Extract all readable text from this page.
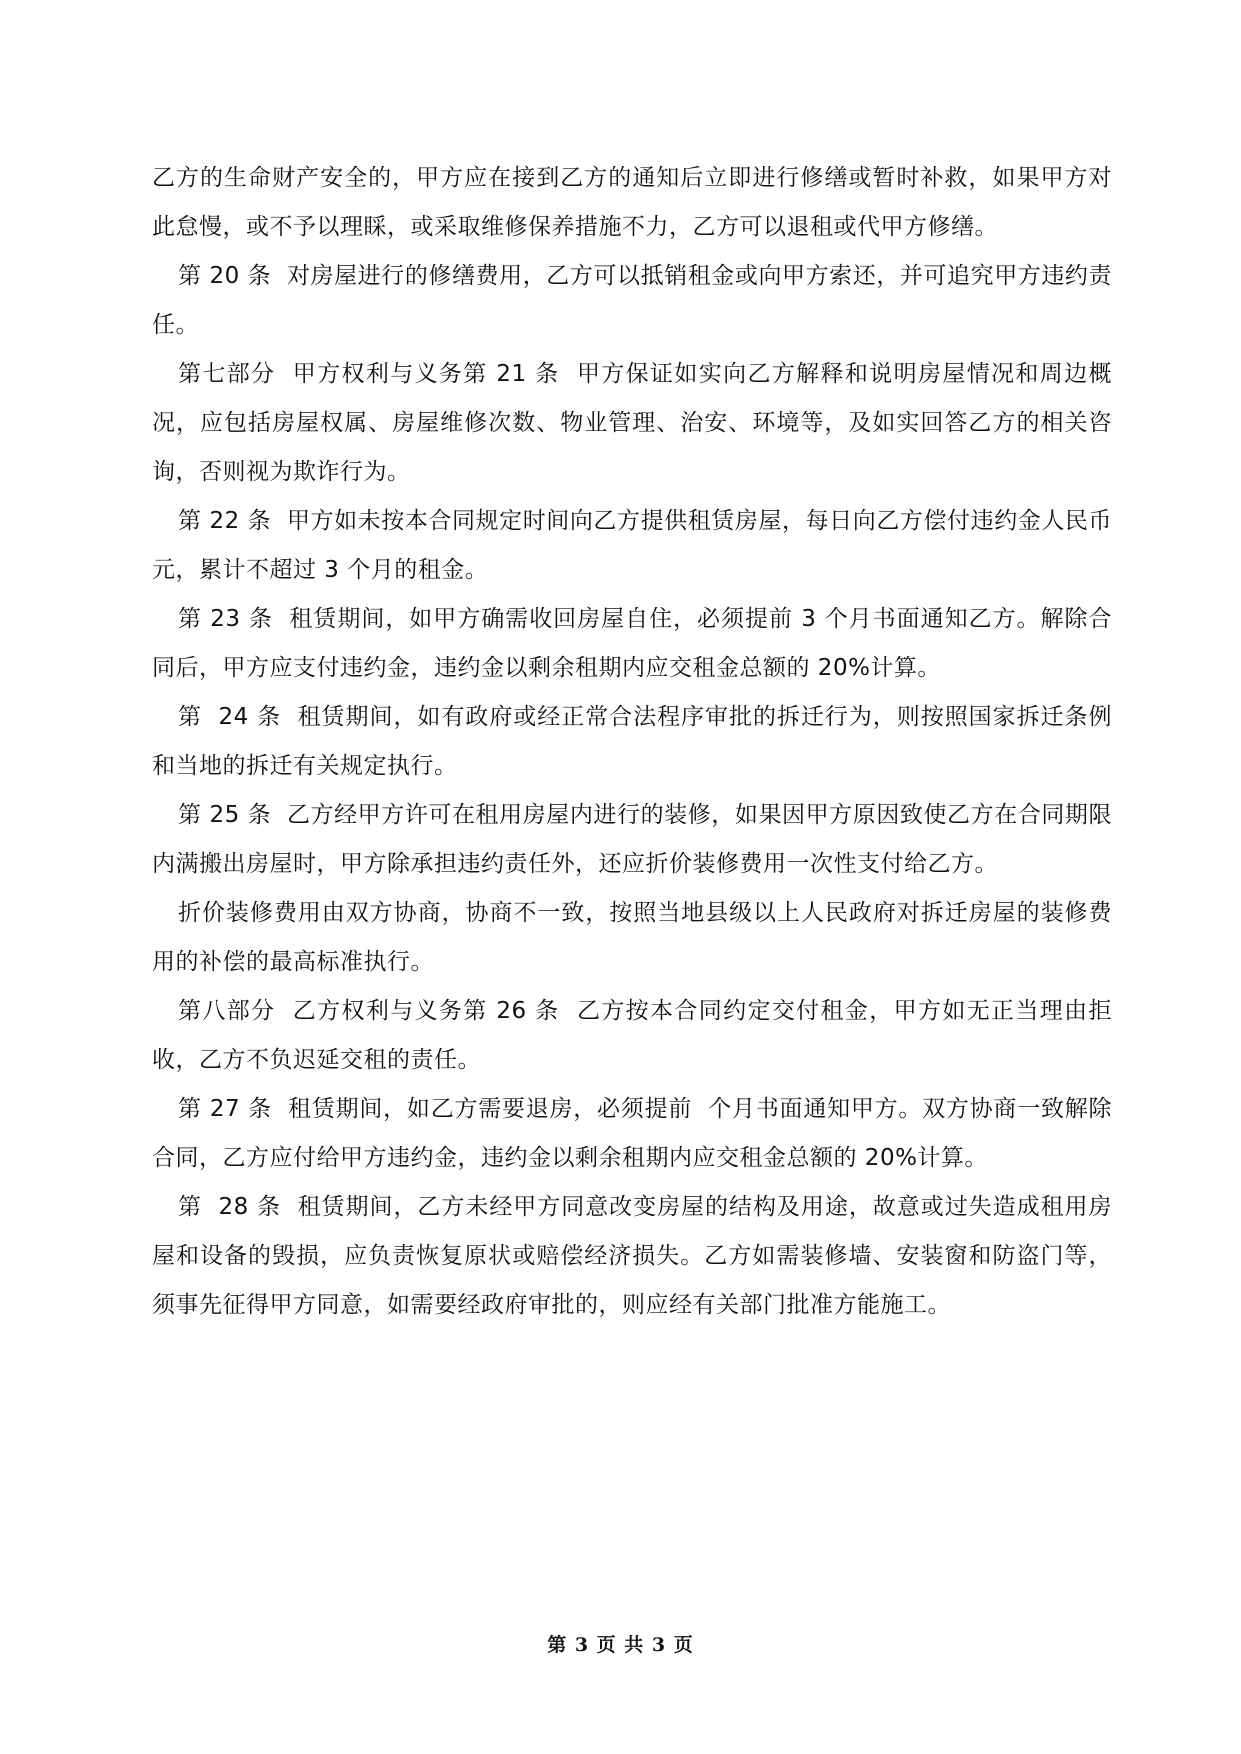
乙方的生命财产安全的，甲方应在接到乙方的通知后立即进行修缮或暂时补救，如果甲方对此怠慢，或不予以理睬，或采取维修保养措施不力，乙方可以退租或代甲方修缮。

第 20 条  对房屋进行的修缮费用，乙方可以抵销租金或向甲方索还，并可追究甲方违约责任。

第七部分  甲方权利与义务第 21 条  甲方保证如实向乙方解释和说明房屋情况和周边概况，应包括房屋权属、房屋维修次数、物业管理、治安、环境等，及如实回答乙方的相关咨询，否则视为欺诈行为。

第 22 条  甲方如未按本合同规定时间向乙方提供租赁房屋，每日向乙方偿付违约金人民币  元，累计不超过 3 个月的租金。

第 23 条  租赁期间，如甲方确需收回房屋自住，必须提前 3 个月书面通知乙方。解除合同后，甲方应支付违约金，违约金以剩余租期内应交租金总额的 20%计算。

第  24 条  租赁期间，如有政府或经正常合法程序审批的拆迁行为，则按照国家拆迁条例和当地的拆迁有关规定执行。

第 25 条  乙方经甲方许可在租用房屋内进行的装修，如果因甲方原因致使乙方在合同期限内满搬出房屋时，甲方除承担违约责任外，还应折价装修费用一次性支付给乙方。

折价装修费用由双方协商，协商不一致，按照当地县级以上人民政府对拆迁房屋的装修费用的补偿的最高标准执行。

第八部分  乙方权利与义务第 26 条  乙方按本合同约定交付租金，甲方如无正当理由拒收，乙方不负迟延交租的责任。

第 27 条  租赁期间，如乙方需要退房，必须提前  个月书面通知甲方。双方协商一致解除合同，乙方应付给甲方违约金，违约金以剩余租期内应交租金总额的 20%计算。

第  28 条  租赁期间，乙方未经甲方同意改变房屋的结构及用途，故意或过失造成租用房屋和设备的毁损，应负责恢复原状或赔偿经济损失。乙方如需装修墙、安装窗和防盗门等，须事先征得甲方同意，如需要经政府审批的，则应经有关部门批准方能施工。

第 3 页 共 3 页
